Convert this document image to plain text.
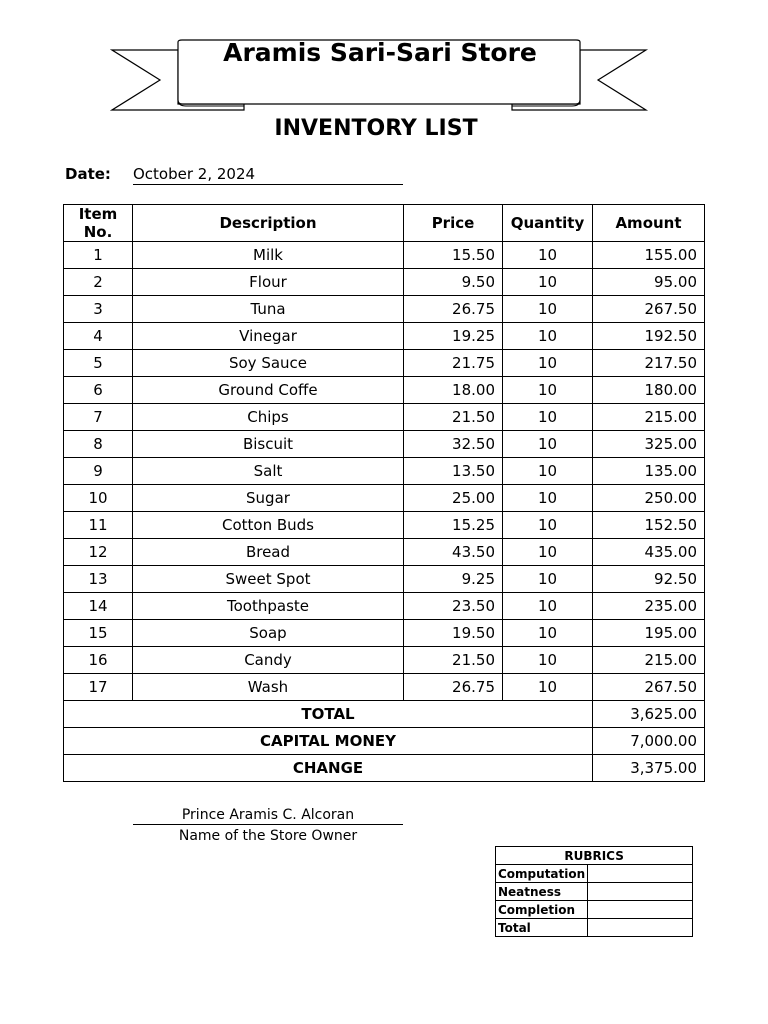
Aramis Sari-Sari Store
INVENTORY LIST
Date: October 2, 2024
Item No.	Description	Price	Quantity	Amount
1	Milk	15.50	10	155.00
2	Flour	9.50	10	95.00
3	Tuna	26.75	10	267.50
4	Vinegar	19.25	10	192.50
5	Soy Sauce	21.75	10	217.50
6	Ground Coffe	18.00	10	180.00
7	Chips	21.50	10	215.00
8	Biscuit	32.50	10	325.00
9	Salt	13.50	10	135.00
10	Sugar	25.00	10	250.00
11	Cotton Buds	15.25	10	152.50
12	Bread	43.50	10	435.00
13	Sweet Spot	9.25	10	92.50
14	Toothpaste	23.50	10	235.00
15	Soap	19.50	10	195.00
16	Candy	21.50	10	215.00
17	Wash	26.75	10	267.50
TOTAL				3,625.00
CAPITAL MONEY				7,000.00
CHANGE				3,375.00
Prince Aramis C. Alcoran
Name of the Store Owner
RUBRICS	
Computation	
Neatness	
Completion	
Total	
